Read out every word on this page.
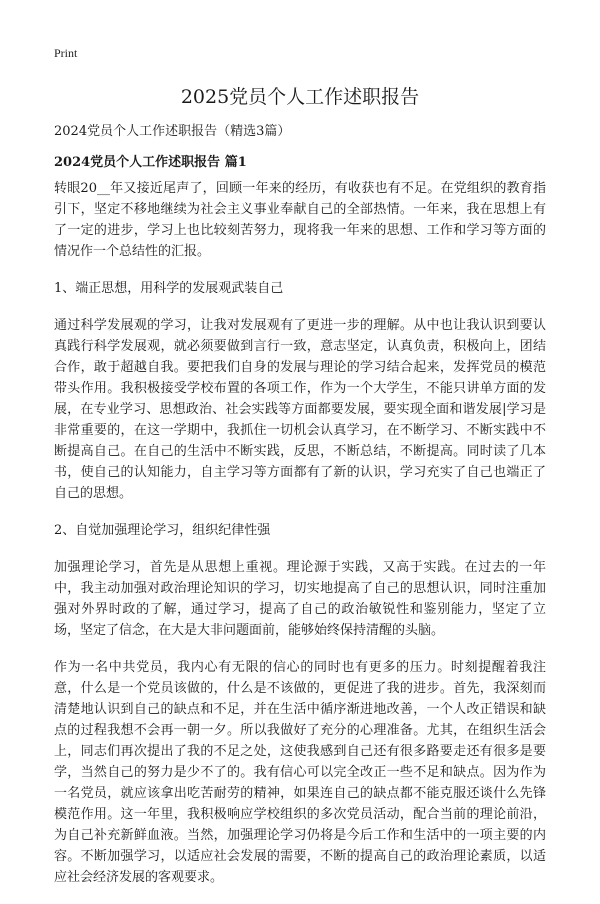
Print
2025党员个人工作述职报告

2024党员个人工作述职报告（精选3篇）

2024党员个人工作述职报告 篇1

转眼20__年又接近尾声了，回顾一年来的经历，有收获也有不足。在党组织的教育指引下，坚定不移地继续为社会主义事业奉献自己的全部热情。一年来，我在思想上有了一定的进步，学习上也比较刻苦努力，现将我一年来的思想、工作和学习等方面的情况作一个总结性的汇报。

1、端正思想，用科学的发展观武装自己

通过科学发展观的学习，让我对发展观有了更进一步的理解。从中也让我认识到要认真践行科学发展观，就必须要做到言行一致，意志坚定，认真负责，积极向上，团结合作，敢于超越自我。要把我们自身的发展与理论的学习结合起来，发挥党员的模范带头作用。我积极接受学校布置的各项工作，作为一个大学生，不能只讲单方面的发展，在专业学习、思想政治、社会实践等方面都要发展，要实现全面和谐发展|学习是非常重要的，在这一学期中，我抓住一切机会认真学习，在不断学习、不断实践中不断提高自己。在自己的生活中不断实践，反思，不断总结，不断提高。同时读了几本书，使自己的认知能力，自主学习等方面都有了新的认识，学习充实了自己也端正了自己的思想。

2、自觉加强理论学习，组织纪律性强

加强理论学习，首先是从思想上重视。理论源于实践，又高于实践。在过去的一年中，我主动加强对政治理论知识的学习，切实地提高了自己的思想认识，同时注重加强对外界时政的了解，通过学习，提高了自己的政治敏锐性和鉴别能力，坚定了立场，坚定了信念，在大是大非问题面前，能够始终保持清醒的头脑。

作为一名中共党员，我内心有无限的信心的同时也有更多的压力。时刻提醒着我注意，什么是一个党员该做的，什么是不该做的，更促进了我的进步。首先，我深刻而清楚地认识到自己的缺点和不足，并在生活中循序渐进地改善，一个人改正错误和缺点的过程我想不会再一朝一夕。所以我做好了充分的心理准备。尤其，在组织生活会上，同志们再次提出了我的不足之处，这使我感到自己还有很多路要走还有很多是要学，当然自己的努力是少不了的。我有信心可以完全改正一些不足和缺点。因为作为一名党员，就应该拿出吃苦耐劳的精神，如果连自己的缺点都不能克服还谈什么先锋模范作用。这一年里，我积极响应学校组织的多次党员活动，配合当前的理论前沿，为自己补充新鲜血液。当然，加强理论学习仍将是今后工作和生活中的一项主要的内容。不断加强学习，以适应社会发展的需要，不断的提高自己的政治理论素质，以适应社会经济发展的客观要求。
